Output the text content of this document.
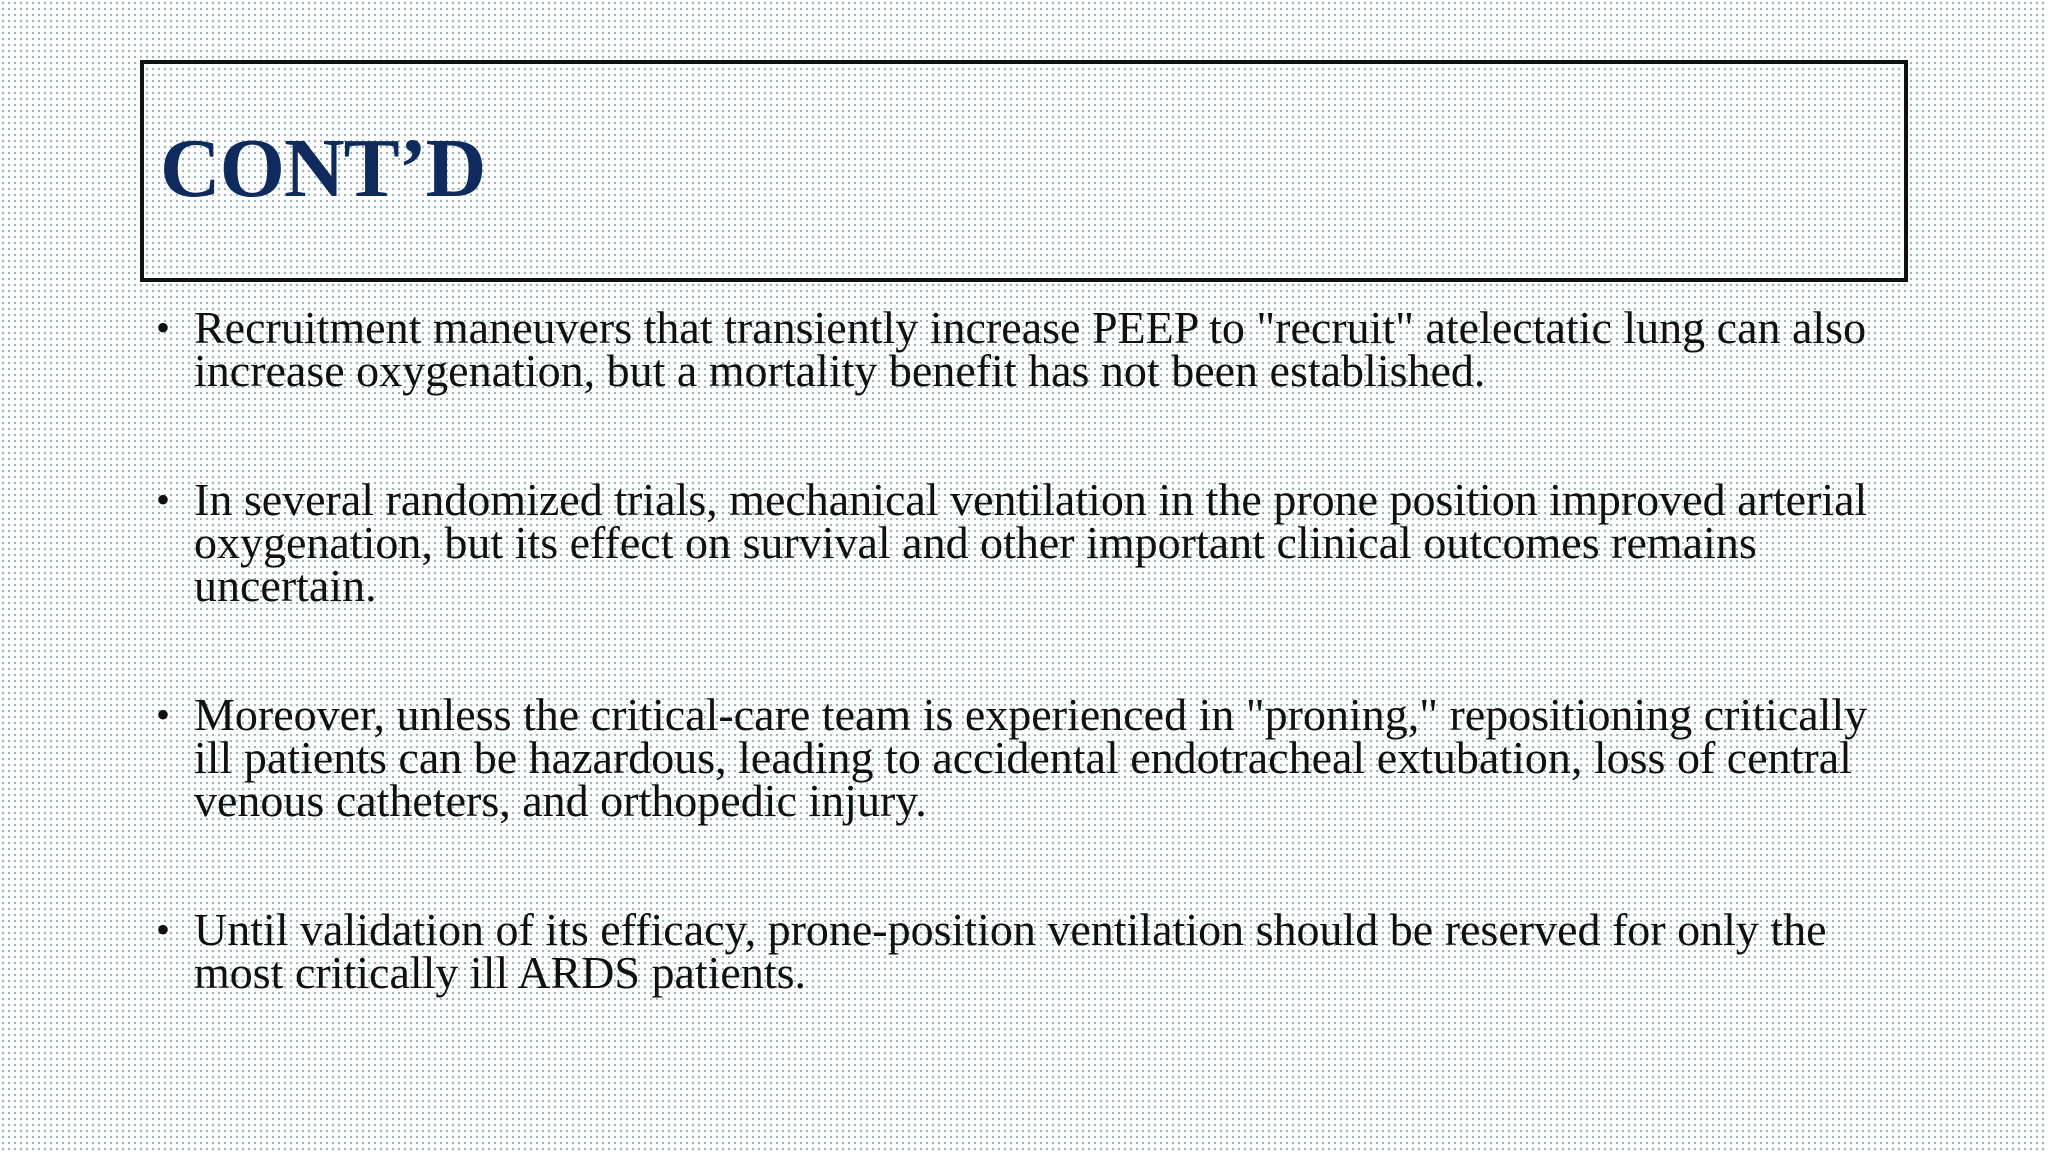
CONT’D
• Recruitment maneuvers that transiently increase PEEP to "recruit" atelectatic lung can also increase oxygenation, but a mortality benefit has not been established.
• In several randomized trials, mechanical ventilation in the prone position improved arterial oxygenation, but its effect on survival and other important clinical outcomes remains uncertain.
• Moreover, unless the critical-care team is experienced in "proning," repositioning critically ill patients can be hazardous, leading to accidental endotracheal extubation, loss of central venous catheters, and orthopedic injury.
• Until validation of its efficacy, prone-position ventilation should be reserved for only the most critically ill ARDS patients.
